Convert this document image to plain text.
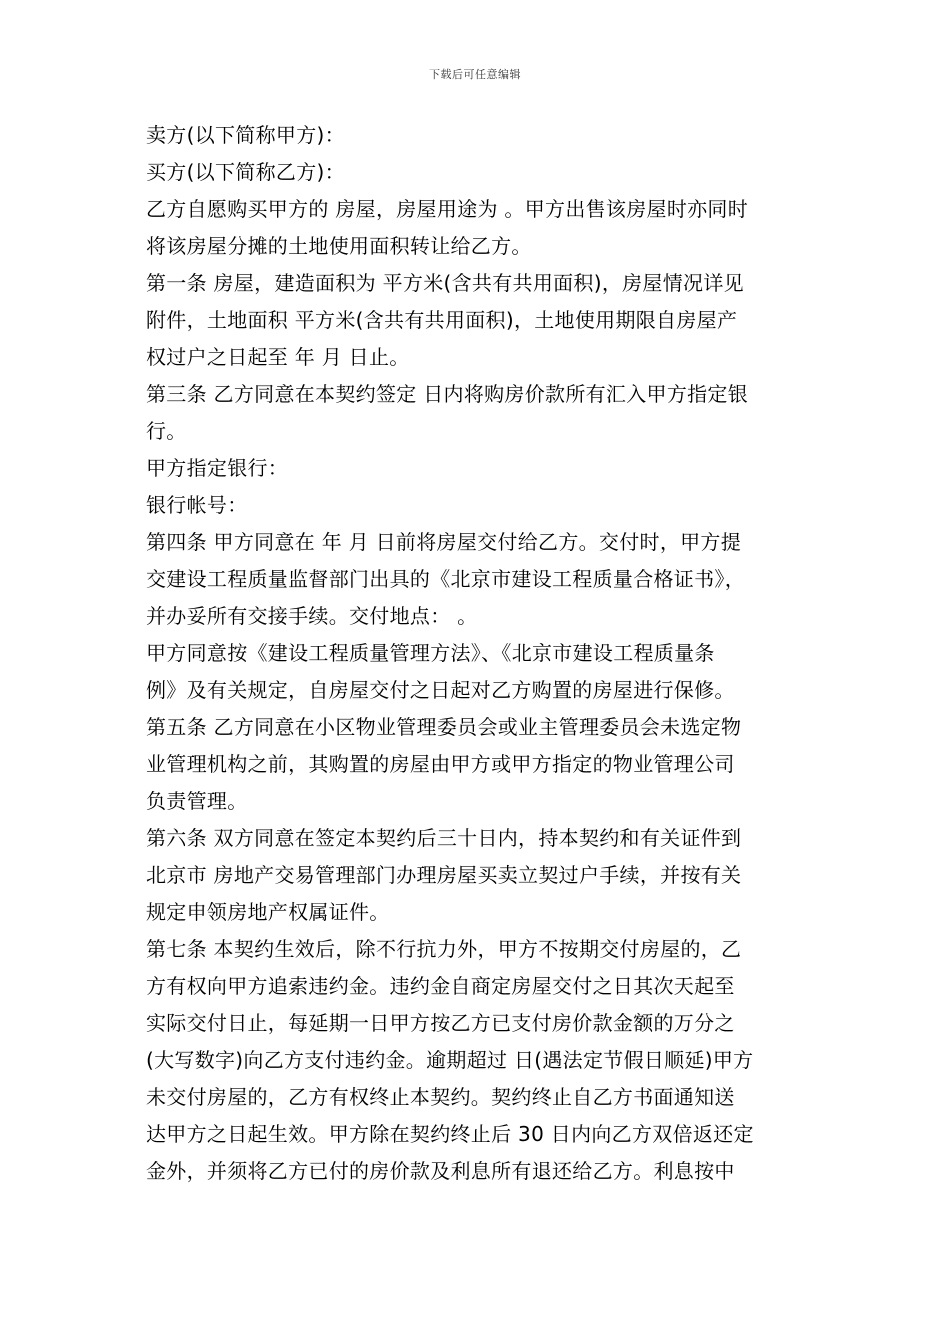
下载后可任意编辑
卖方(以下简称甲方)：
买方(以下简称乙方)：
乙方自愿购买甲方的 房屋，房屋用途为 。甲方出售该房屋时亦同时
将该房屋分摊的土地使用面积转让给乙方。
第一条 房屋，建造面积为 平方米(含共有共用面积)，房屋情况详见
附件，土地面积 平方米(含共有共用面积)，土地使用期限自房屋产
权过户之日起至 年 月 日止。
第三条 乙方同意在本契约签定 日内将购房价款所有汇入甲方指定银
行。
甲方指定银行：
银行帐号：
第四条 甲方同意在 年 月 日前将房屋交付给乙方。交付时，甲方提
交建设工程质量监督部门出具的《北京市建设工程质量合格证书》，
并办妥所有交接手续。交付地点： 。
甲方同意按《建设工程质量管理方法》、《北京市建设工程质量条
例》及有关规定，自房屋交付之日起对乙方购置的房屋进行保修。
第五条 乙方同意在小区物业管理委员会或业主管理委员会未选定物
业管理机构之前，其购置的房屋由甲方或甲方指定的物业管理公司
负责管理。
第六条 双方同意在签定本契约后三十日内，持本契约和有关证件到
北京市 房地产交易管理部门办理房屋买卖立契过户手续，并按有关
规定申领房地产权属证件。
第七条 本契约生效后，除不行抗力外，甲方不按期交付房屋的，乙
方有权向甲方追索违约金。违约金自商定房屋交付之日其次天起至
实际交付日止，每延期一日甲方按乙方已支付房价款金额的万分之
(大写数字)向乙方支付违约金。逾期超过 日(遇法定节假日顺延)甲方
未交付房屋的，乙方有权终止本契约。契约终止自乙方书面通知送
达甲方之日起生效。甲方除在契约终止后 30 日内向乙方双倍返还定
金外，并须将乙方已付的房价款及利息所有退还给乙方。利息按中
